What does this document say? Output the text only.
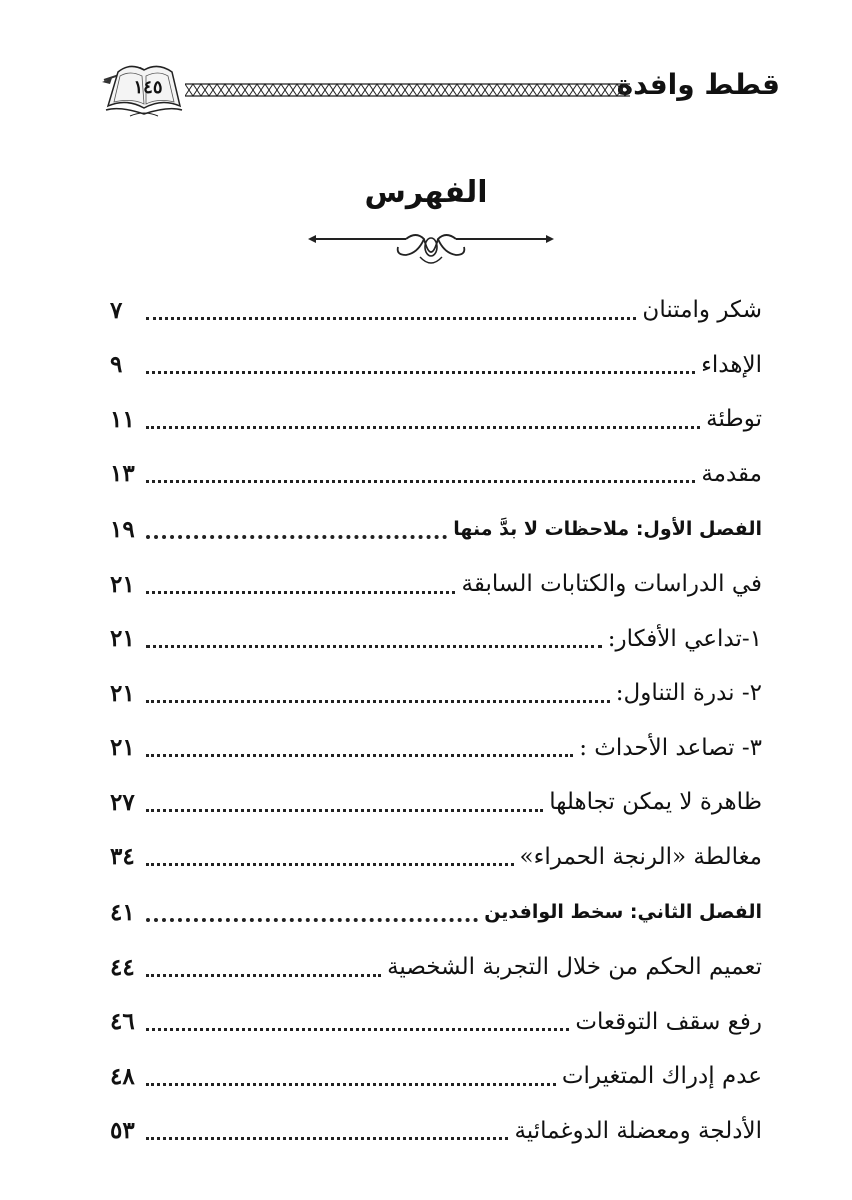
قطط وافدة
١٤٥
الفهرس
شكر وامتنان
٧
الإهداء
٩
توطئة
١١
مقدمة
١٣
الفصل الأول: ملاحظات لا بدَّ منها
١٩
في الدراسات والكتابات السابقة
٢١
١-تداعي الأفكار:
٢١
٢- ندرة التناول:
٢١
٣- تصاعد الأحداث :
٢١
ظاهرة لا يمكن تجاهلها
٢٧
مغالطة «الرنجة الحمراء»
٣٤
الفصل الثاني: سخط الوافدين
٤١
تعميم الحكم من خلال التجربة الشخصية
٤٤
رفع سقف التوقعات
٤٦
عدم إدراك المتغيرات
٤٨
الأدلجة ومعضلة الدوغمائية
٥٣
